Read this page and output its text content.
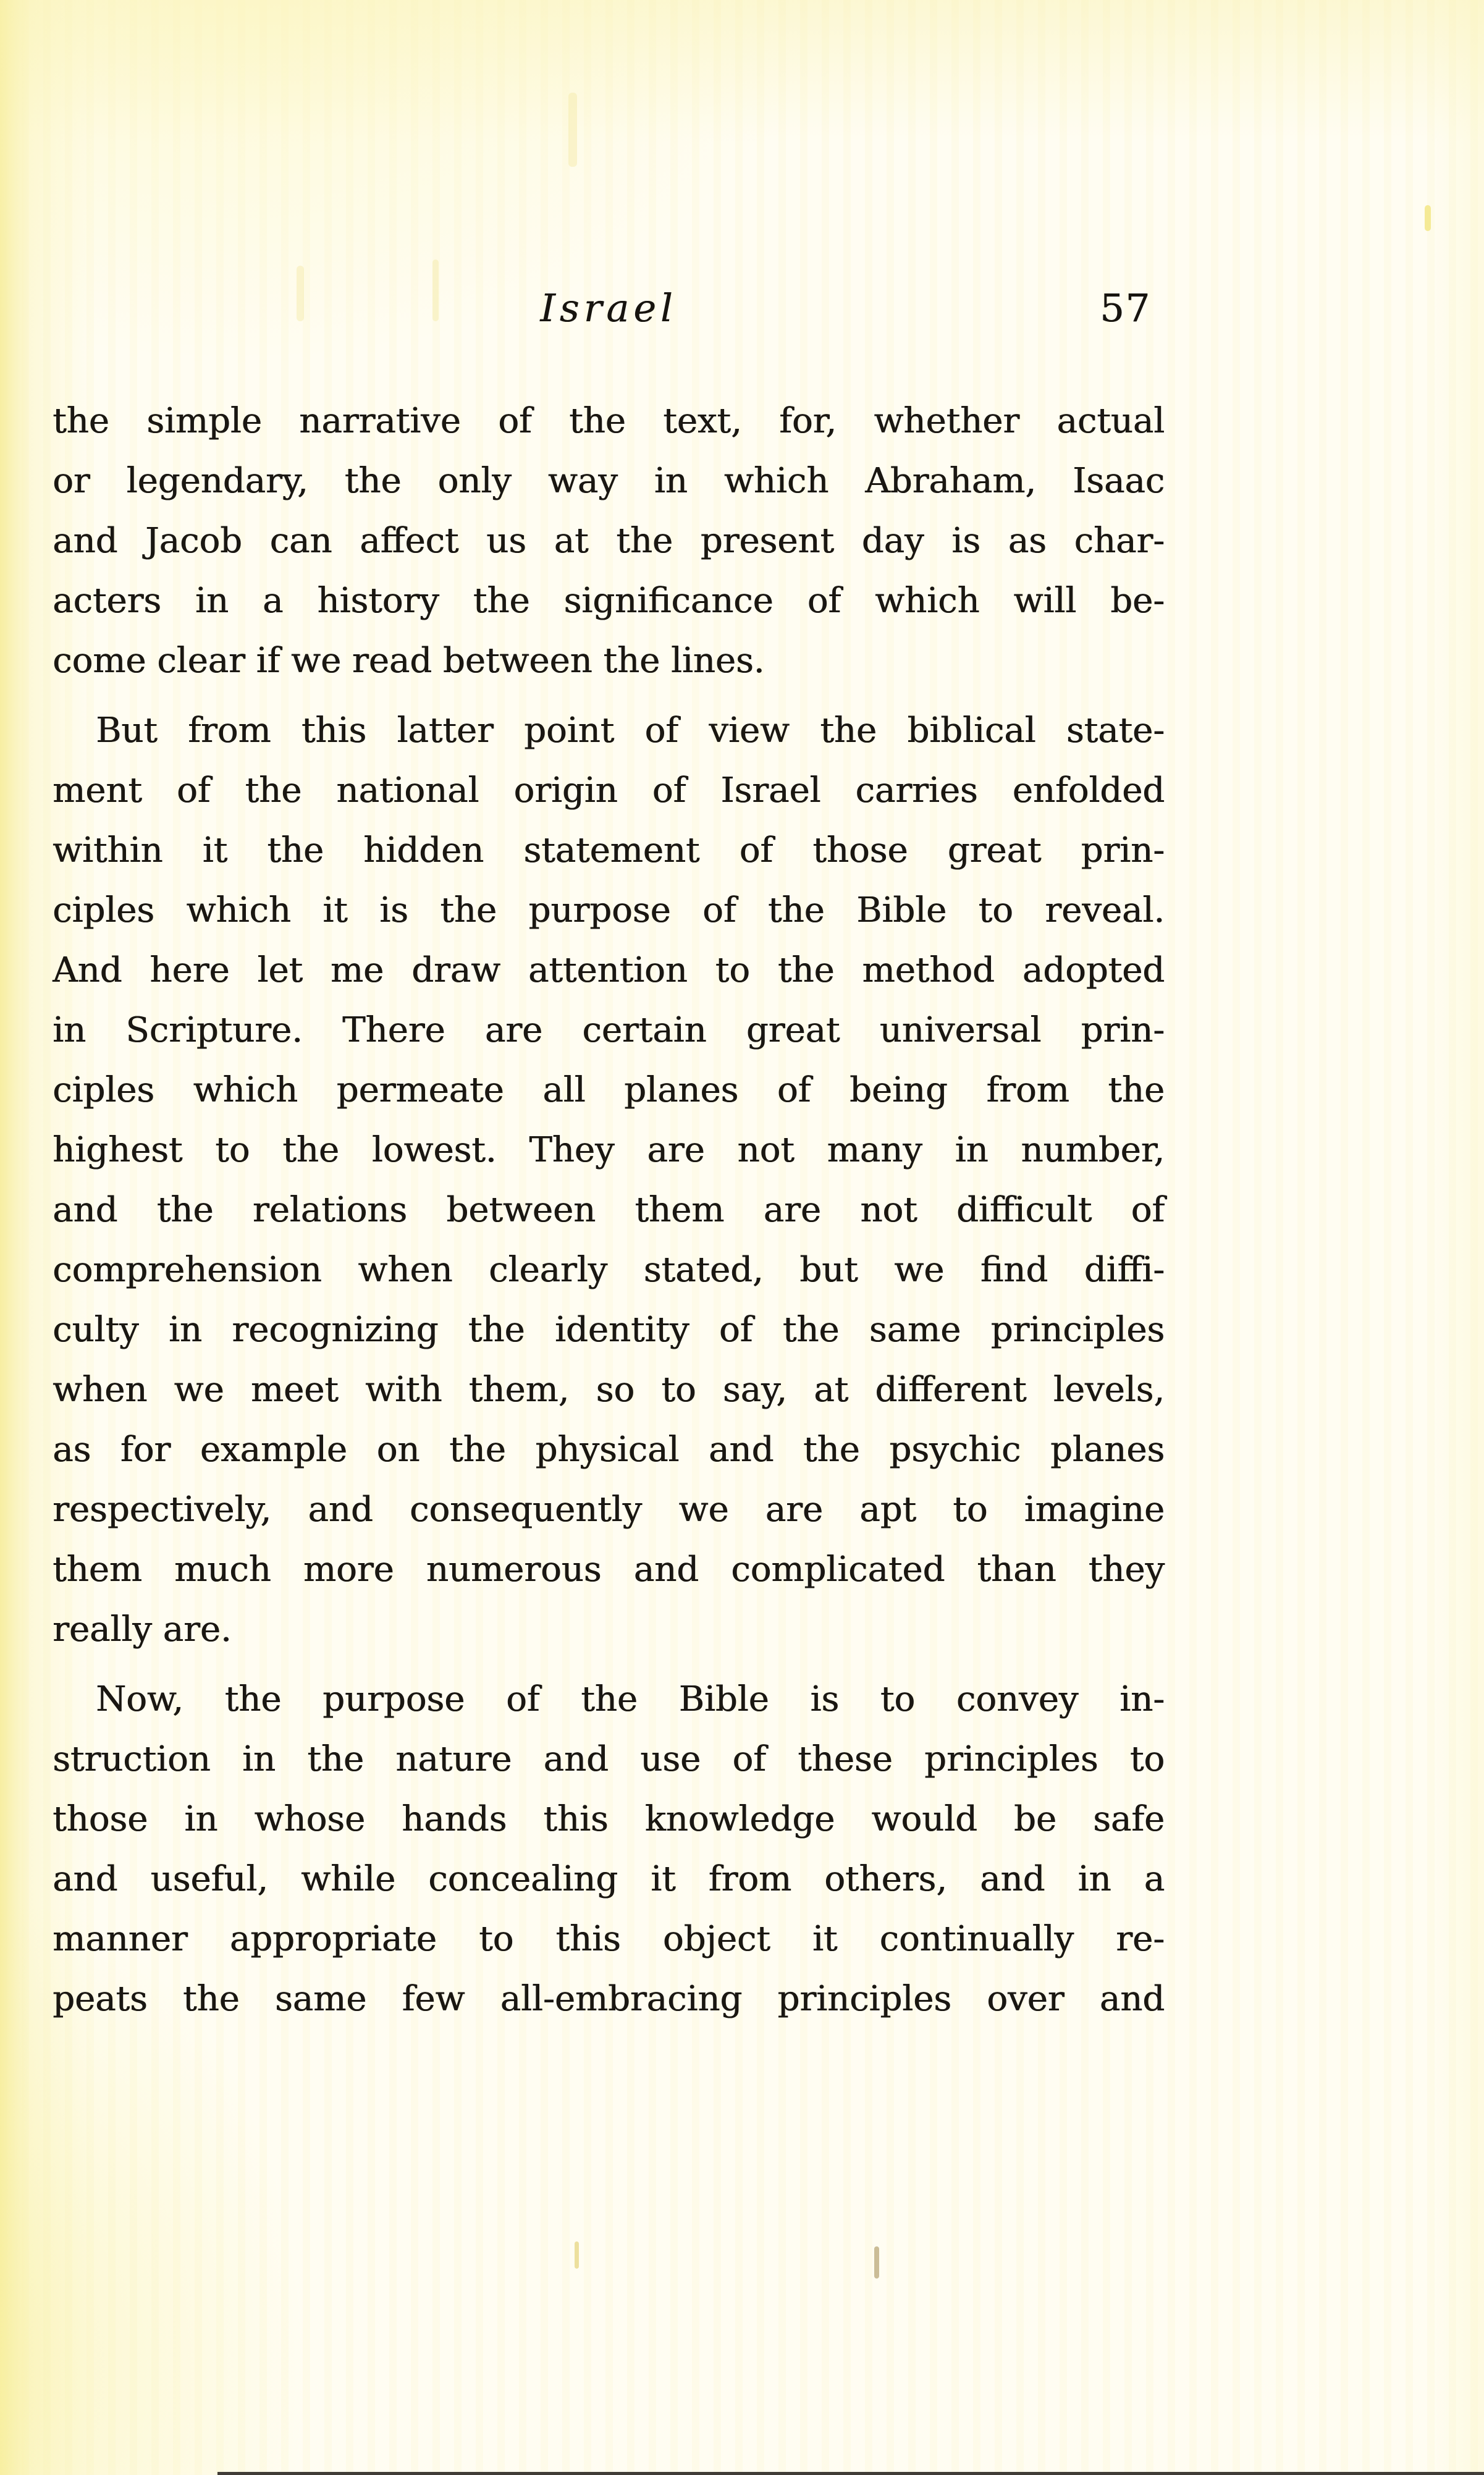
Israel	57
the simple narrative of the text, for, whether actual
or legendary, the only way in which Abraham, Isaac
and Jacob can affect us at the present day is as char-
acters in a history the significance of which will be-
come clear if we read between the lines.
But from this latter point of view the biblical state-
ment of the national origin of Israel carries enfolded
within it the hidden statement of those great prin-
ciples which it is the purpose of the Bible to reveal.
And here let me draw attention to the method adopted
in Scripture. There are certain great universal prin-
ciples which permeate all planes of being from the
highest to the lowest. They are not many in number,
and the relations between them are not difficult of
comprehension when clearly stated, but we find diffi-
culty in recognizing the identity of the same principles
when we meet with them, so to say, at different levels,
as for example on the physical and the psychic planes
respectively, and consequently we are apt to imagine
them much more numerous and complicated than they
really are.
Now, the purpose of the Bible is to convey in-
struction in the nature and use of these principles to
those in whose hands this knowledge would be safe
and useful, while concealing it from others, and in a
manner appropriate to this object it continually re-
peats the same few all-embracing principles over and
